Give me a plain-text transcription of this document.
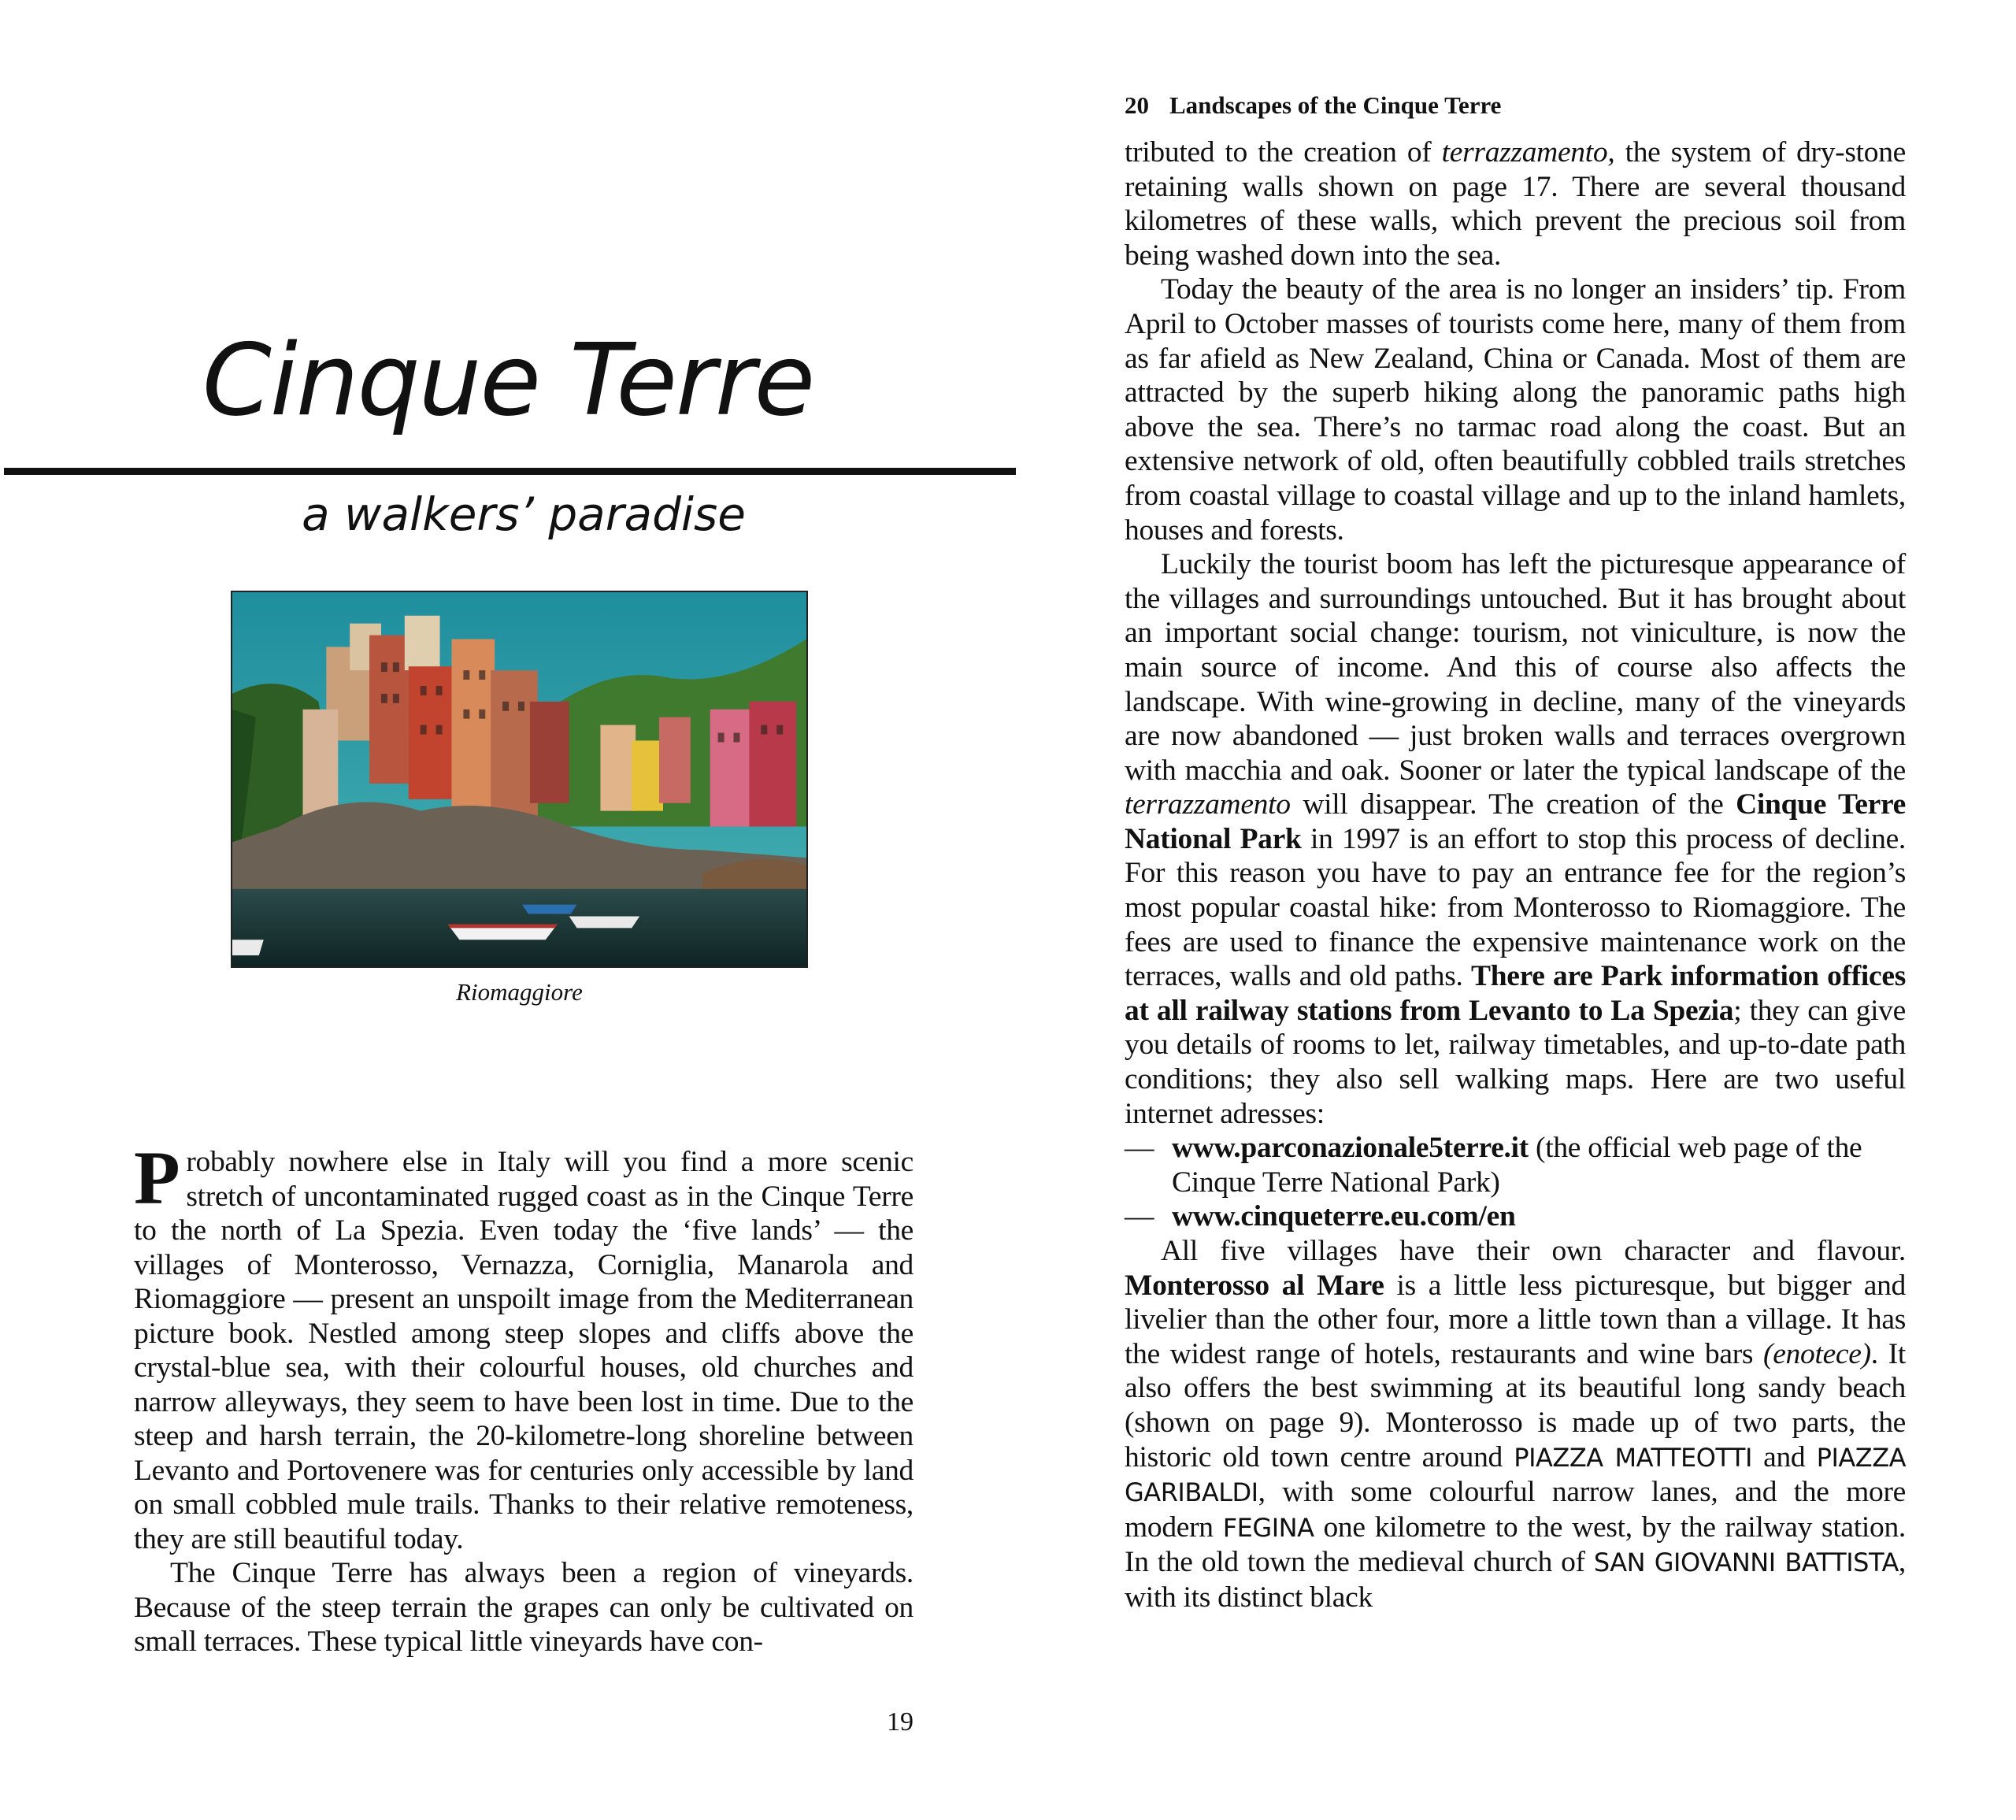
Cinque Terre
a walkers’ paradise

Riomaggiore

Probably nowhere else in Italy will you find a more scenic stretch of uncontaminated rugged coast as in the Cinque Terre to the north of La Spezia. Even today the ‘five lands’ — the villages of Monterosso, Vernazza, Corniglia, Manarola and Riomaggiore — present an unspoilt image from the Mediterranean picture book. Nestled among steep slopes and cliffs above the crystal-blue sea, with their colourful houses, old churches and narrow alleyways, they seem to have been lost in time. Due to the steep and harsh terrain, the 20-kilometre-long shoreline between Levanto and Portovenere was for centuries only accessible by land on small cobbled mule trails. Thanks to their relative remoteness, they are still beautiful today.

The Cinque Terre has always been a region of vineyards. Because of the steep terrain the grapes can only be cultivated on small terraces. These typical little vineyards have con-

19

20 Landscapes of the Cinque Terre

tributed to the creation of terrazzamento, the system of dry-stone retaining walls shown on page 17. There are several thousand kilometres of these walls, which prevent the precious soil from being washed down into the sea.

Today the beauty of the area is no longer an insiders’ tip. From April to October masses of tourists come here, many of them from as far afield as New Zealand, China or Canada. Most of them are attracted by the superb hiking along the panoramic paths high above the sea. There’s no tarmac road along the coast. But an extensive network of old, often beautifully cobbled trails stretches from coastal village to coastal village and up to the inland hamlets, houses and forests.

Luckily the tourist boom has left the picturesque appearance of the villages and surroundings untouched. But it has brought about an important social change: tourism, not viniculture, is now the main source of income. And this of course also affects the landscape. With wine-growing in decline, many of the vineyards are now abandoned — just broken walls and terraces overgrown with macchia and oak. Sooner or later the typical landscape of the terrazzamento will disappear. The creation of the Cinque Terre National Park in 1997 is an effort to stop this process of decline. For this reason you have to pay an entrance fee for the region’s most popular coastal hike: from Monterosso to Riomaggiore. The fees are used to finance the expensive maintenance work on the terraces, walls and old paths. There are Park information offices at all railway stations from Levanto to La Spezia; they can give you details of rooms to let, railway timetables, and up-to-date path conditions; they also sell walking maps. Here are two useful internet adresses:

— www.parconazionale5terre.it (the official web page of the Cinque Terre National Park)

— www.cinqueterre.eu.com/en

All five villages have their own character and flavour. Monterosso al Mare is a little less picturesque, but bigger and livelier than the other four, more a little town than a village. It has the widest range of hotels, restaurants and wine bars (enotece). It also offers the best swimming at its beautiful long sandy beach (shown on page 9). Monterosso is made up of two parts, the historic old town centre around PIAZZA MATTEOTTI and PIAZZA GARIBALDI, with some colourful narrow lanes, and the more modern FEGINA one kilometre to the west, by the railway station. In the old town the medieval church of SAN GIOVANNI BATTISTA, with its distinct black
